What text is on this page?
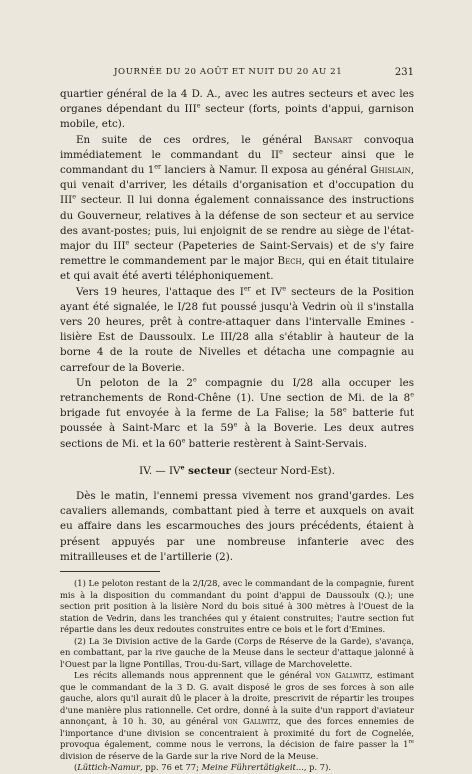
JOURNÉE DU 20 AOÛT ET NUIT DU 20 AU 21	231

quartier général de la 4 D. A., avec les autres secteurs et avec les organes dépendant du IIIe secteur (forts, points d'appui, garnison mobile, etc).

En suite de ces ordres, le général Bansart convoqua immédiatement le commandant du IIe secteur ainsi que le commandant du 1er lanciers à Namur. Il exposa au général Ghislain, qui venait d'arriver, les détails d'organisation et d'occupation du IIIe secteur. Il lui donna également connaissance des instructions du Gouverneur, relatives à la défense de son secteur et au service des avant-postes; puis, lui enjoignit de se rendre au siège de l'état-major du IIIe secteur (Papeteries de Saint-Servais) et de s'y faire remettre le commandement par le major Bech, qui en était titulaire et qui avait été averti téléphoniquement.

Vers 19 heures, l'attaque des Ier et IVe secteurs de la Position ayant été signalée, le I/28 fut poussé jusqu'à Vedrin où il s'installa vers 20 heures, prêt à contre-attaquer dans l'intervalle Emines - lisière Est de Daussoulx. Le III/28 alla s'établir à hauteur de la borne 4 de la route de Nivelles et détacha une compagnie au carrefour de la Boverie.

Un peloton de la 2e compagnie du I/28 alla occuper les retranchements de Rond-Chêne (1). Une section de Mi. de la 8e brigade fut envoyée à la ferme de La Falise; la 58e batterie fut poussée à Saint-Marc et la 59e à la Boverie. Les deux autres sections de Mi. et la 60e batterie restèrent à Saint-Servais.

IV. — IVe secteur (secteur Nord-Est).

Dès le matin, l'ennemi pressa vivement nos grand'gardes. Les cavaliers allemands, combattant pied à terre et auxquels on avait eu affaire dans les escarmouches des jours précédents, étaient à présent appuyés par une nombreuse infanterie avec des mitrailleuses et de l'artillerie (2).

(1) Le peloton restant de la 2/I/28, avec le commandant de la compagnie, furent mis à la disposition du commandant du point d'appui de Daussoulx (Q.); une section prit position à la lisière Nord du bois situé à 300 mètres à l'Ouest de la station de Vedrin, dans les tranchées qui y étaient construites; l'autre section fut répartie dans les deux redoutes construites entre ce bois et le fort d'Emines.

(2) La 3e Division active de la Garde (Corps de Réserve de la Garde), s'avança, en combattant, par la rive gauche de la Meuse dans le secteur d'attaque jalonné à l'Ouest par la ligne Pontillas, Trou-du-Sart, village de Marchovelette.

Les récits allemands nous apprennent que le général von Gallwitz, estimant que le commandant de la 3 D. G. avait disposé le gros de ses forces à son aile gauche, alors qu'il aurait dû le placer à la droite, prescrivit de répartir les troupes d'une manière plus rationnelle. Cet ordre, donné à la suite d'un rapport d'aviateur annonçant, à 10 h. 30, au général von Gallwitz, que des forces ennemies de l'importance d'une division se concentraient à proximité du fort de Cognelée, provoqua également, comme nous le verrons, la décision de faire passer la 1re division de réserve de la Garde sur la rive Nord de la Meuse.

(Lüttich-Namur, pp. 76 et 77; Meine Führertätigkeit..., p. 7).
